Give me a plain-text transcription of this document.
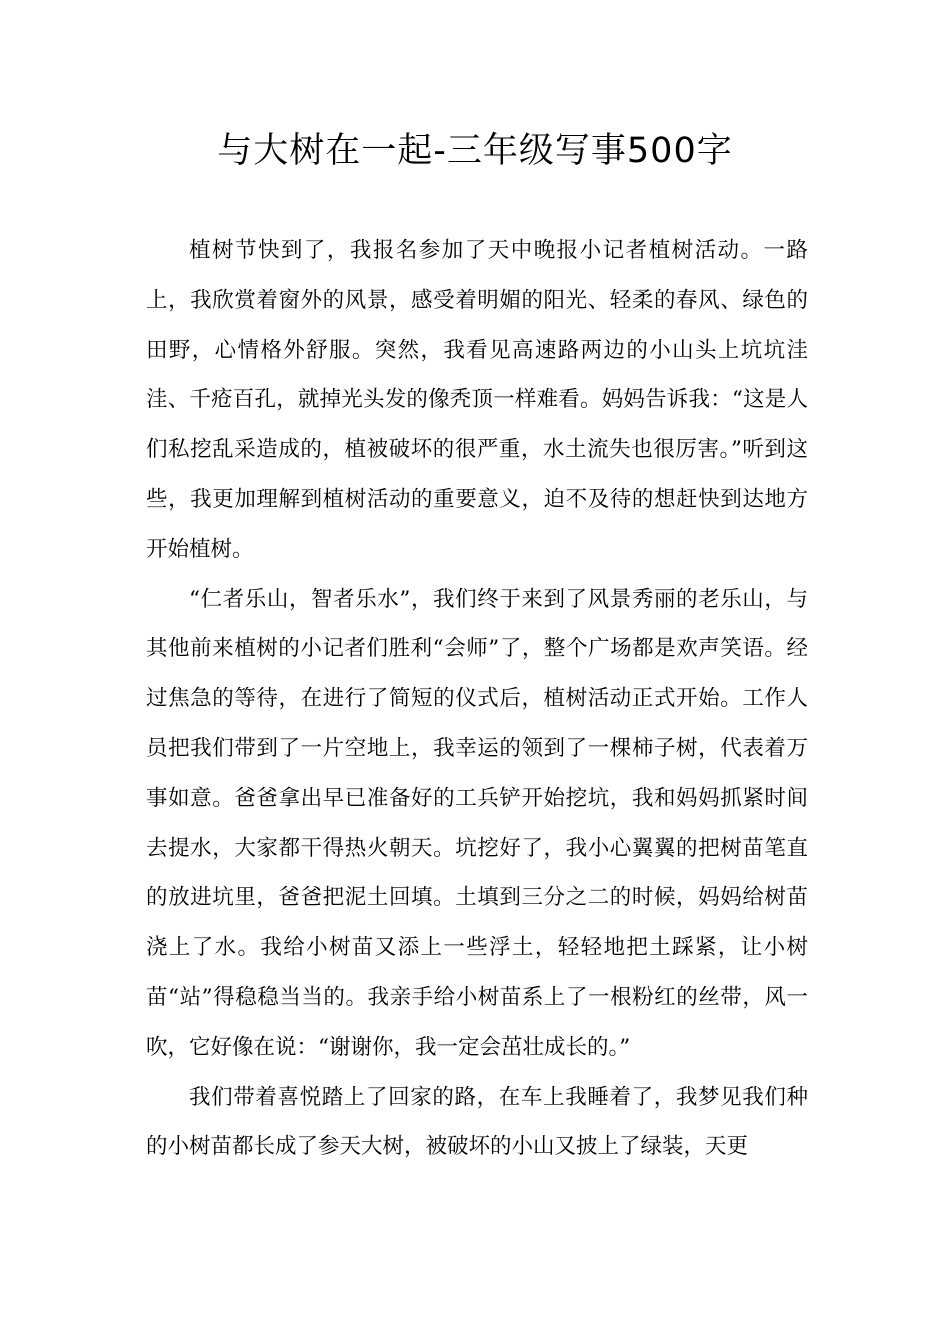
与大树在一起-三年级写事500字

植树节快到了，我报名参加了天中晚报小记者植树活动。一路上，我欣赏着窗外的风景，感受着明媚的阳光、轻柔的春风、绿色的田野，心情格外舒服。突然，我看见高速路两边的小山头上坑坑洼洼、千疮百孔，就掉光头发的像秃顶一样难看。妈妈告诉我：“这是人们私挖乱采造成的，植被破坏的很严重，水土流失也很厉害。”听到这些，我更加理解到植树活动的重要意义，迫不及待的想赶快到达地方开始植树。

“仁者乐山，智者乐水”，我们终于来到了风景秀丽的老乐山，与其他前来植树的小记者们胜利“会师”了，整个广场都是欢声笑语。经过焦急的等待，在进行了简短的仪式后，植树活动正式开始。工作人员把我们带到了一片空地上，我幸运的领到了一棵柿子树，代表着万事如意。爸爸拿出早已准备好的工兵铲开始挖坑，我和妈妈抓紧时间去提水，大家都干得热火朝天。坑挖好了，我小心翼翼的把树苗笔直的放进坑里，爸爸把泥土回填。土填到三分之二的时候，妈妈给树苗浇上了水。我给小树苗又添上一些浮土，轻轻地把土踩紧，让小树苗“站”得稳稳当当的。我亲手给小树苗系上了一根粉红的丝带，风一吹，它好像在说：“谢谢你，我一定会茁壮成长的。”

我们带着喜悦踏上了回家的路，在车上我睡着了，我梦见我们种的小树苗都长成了参天大树，被破坏的小山又披上了绿装，天更
